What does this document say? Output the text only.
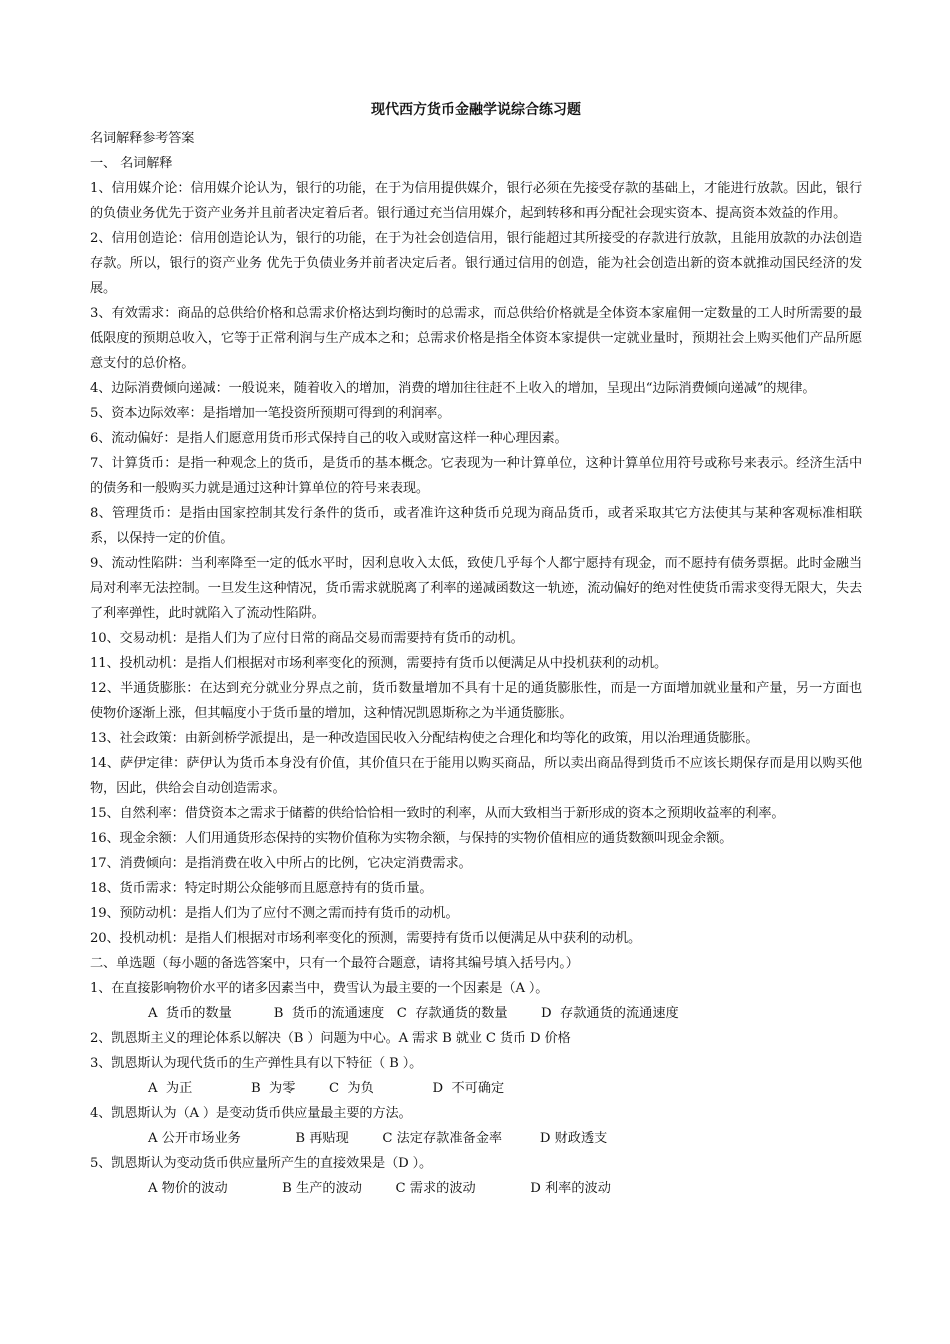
现代西方货币金融学说综合练习题

名词解释参考答案

一、 名词解释

1、信用媒介论：信用媒介论认为，银行的功能，在于为信用提供媒介，银行必须在先接受存款的基础上，才能进行放款。因此，银行的负债业务优先于资产业务并且前者决定着后者。银行通过充当信用媒介，起到转移和再分配社会现实资本、提高资本效益的作用。

2、信用创造论：信用创造论认为，银行的功能，在于为社会创造信用，银行能超过其所接受的存款进行放款，且能用放款的办法创造存款。所以，银行的资产业务 优先于负债业务并前者决定后者。银行通过信用的创造，能为社会创造出新的资本就推动国民经济的发展。

3、有效需求：商品的总供给价格和总需求价格达到均衡时的总需求，而总供给价格就是全体资本家雇佣一定数量的工人时所需要的最低限度的预期总收入，它等于正常利润与生产成本之和；总需求价格是指全体资本家提供一定就业量时，预期社会上购买他们产品所愿意支付的总价格。

4、边际消费倾向递减：一般说来，随着收入的增加，消费的增加往往赶不上收入的增加，呈现出“边际消费倾向递减”的规律。

5、资本边际效率：是指增加一笔投资所预期可得到的利润率。

6、流动偏好：是指人们愿意用货币形式保持自己的收入或财富这样一种心理因素。

7、计算货币：是指一种观念上的货币，是货币的基本概念。它表现为一种计算单位，这种计算单位用符号或称号来表示。经济生活中的债务和一般购买力就是通过这种计算单位的符号来表现。

8、管理货币：是指由国家控制其发行条件的货币，或者准许这种货币兑现为商品货币，或者采取其它方法使其与某种客观标准相联系，以保持一定的价值。

9、流动性陷阱：当利率降至一定的低水平时，因利息收入太低，致使几乎每个人都宁愿持有现金，而不愿持有债务票据。此时金融当局对利率无法控制。一旦发生这种情况，货币需求就脱离了利率的递减函数这一轨迹，流动偏好的绝对性使货币需求变得无限大，失去了利率弹性，此时就陷入了流动性陷阱。

10、交易动机：是指人们为了应付日常的商品交易而需要持有货币的动机。

11、投机动机：是指人们根据对市场利率变化的预测，需要持有货币以便满足从中投机获利的动机。

12、半通货膨胀：在达到充分就业分界点之前，货币数量增加不具有十足的通货膨胀性，而是一方面增加就业量和产量，另一方面也使物价逐渐上涨，但其幅度小于货币量的增加，这种情况凯恩斯称之为半通货膨胀。

13、社会政策：由新剑桥学派提出，是一种改造国民收入分配结构使之合理化和均等化的政策，用以治理通货膨胀。

14、萨伊定律：萨伊认为货币本身没有价值，其价值只在于能用以购买商品，所以卖出商品得到货币不应该长期保存而是用以购买他物，因此，供给会自动创造需求。

15、自然利率：借贷资本之需求于储蓄的供给恰恰相一致时的利率，从而大致相当于新形成的资本之预期收益率的利率。

16、现金余额：人们用通货形态保持的实物价值称为实物余额，与保持的实物价值相应的通货数额叫现金余额。

17、消费倾向：是指消费在收入中所占的比例，它决定消费需求。

18、货币需求：特定时期公众能够而且愿意持有的货币量。

19、预防动机：是指人们为了应付不测之需而持有货币的动机。

20、投机动机：是指人们根据对市场利率变化的预测，需要持有货币以便满足从中获利的动机。

二、单选题（每小题的备选答案中，只有一个最符合题意，请将其编号填入括号内。）

1、在直接影响物价水平的诸多因素当中，费雪认为最主要的一个因素是（A ）。

A  货币的数量          B  货币的流通速度   C  存款通货的数量        D  存款通货的流通速度

2、凯恩斯主义的理论体系以解决（B ）问题为中心。A 需求 B 就业 C 货币 D 价格

3、凯恩斯认为现代货币的生产弹性具有以下特征（ B ）。

A  为正              B  为零        C  为负              D  不可确定

4、凯恩斯认为（A ）是变动货币供应量最主要的方法。

A 公开市场业务             B 再贴现        C 法定存款准备金率         D 财政透支

5、凯恩斯认为变动货币供应量所产生的直接效果是（D ）。

A 物价的波动             B 生产的波动        C 需求的波动             D 利率的波动
